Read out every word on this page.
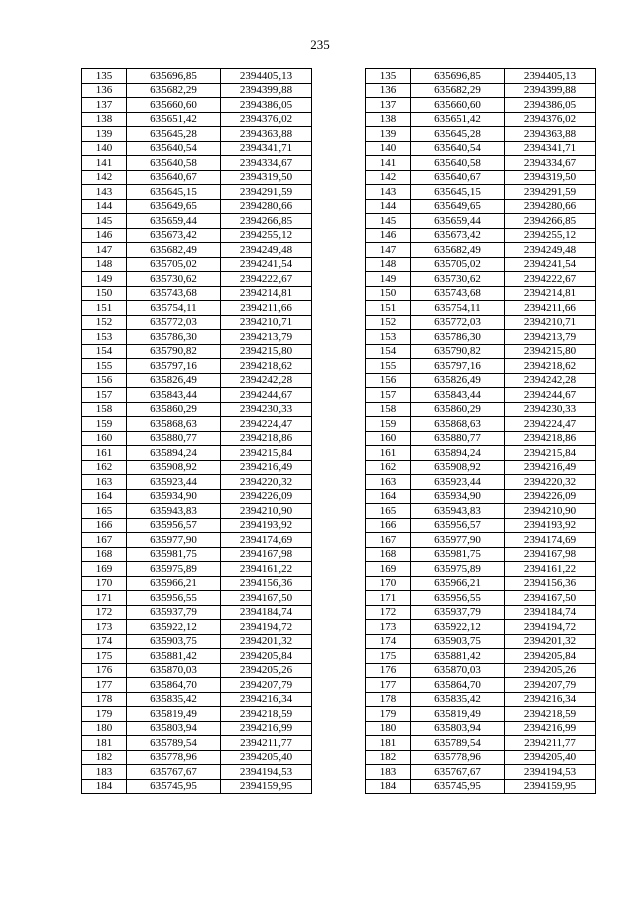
235
135	635696,85	2394405,13		135	635696,85	2394405,13
136	635682,29	2394399,88		136	635682,29	2394399,88
137	635660,60	2394386,05		137	635660,60	2394386,05
138	635651,42	2394376,02		138	635651,42	2394376,02
139	635645,28	2394363,88		139	635645,28	2394363,88
140	635640,54	2394341,71		140	635640,54	2394341,71
141	635640,58	2394334,67		141	635640,58	2394334,67
142	635640,67	2394319,50		142	635640,67	2394319,50
143	635645,15	2394291,59		143	635645,15	2394291,59
144	635649,65	2394280,66		144	635649,65	2394280,66
145	635659,44	2394266,85		145	635659,44	2394266,85
146	635673,42	2394255,12		146	635673,42	2394255,12
147	635682,49	2394249,48		147	635682,49	2394249,48
148	635705,02	2394241,54		148	635705,02	2394241,54
149	635730,62	2394222,67		149	635730,62	2394222,67
150	635743,68	2394214,81		150	635743,68	2394214,81
151	635754,11	2394211,66		151	635754,11	2394211,66
152	635772,03	2394210,71		152	635772,03	2394210,71
153	635786,30	2394213,79		153	635786,30	2394213,79
154	635790,82	2394215,80		154	635790,82	2394215,80
155	635797,16	2394218,62		155	635797,16	2394218,62
156	635826,49	2394242,28		156	635826,49	2394242,28
157	635843,44	2394244,67		157	635843,44	2394244,67
158	635860,29	2394230,33		158	635860,29	2394230,33
159	635868,63	2394224,47		159	635868,63	2394224,47
160	635880,77	2394218,86		160	635880,77	2394218,86
161	635894,24	2394215,84		161	635894,24	2394215,84
162	635908,92	2394216,49		162	635908,92	2394216,49
163	635923,44	2394220,32		163	635923,44	2394220,32
164	635934,90	2394226,09		164	635934,90	2394226,09
165	635943,83	2394210,90		165	635943,83	2394210,90
166	635956,57	2394193,92		166	635956,57	2394193,92
167	635977,90	2394174,69		167	635977,90	2394174,69
168	635981,75	2394167,98		168	635981,75	2394167,98
169	635975,89	2394161,22		169	635975,89	2394161,22
170	635966,21	2394156,36		170	635966,21	2394156,36
171	635956,55	2394167,50		171	635956,55	2394167,50
172	635937,79	2394184,74		172	635937,79	2394184,74
173	635922,12	2394194,72		173	635922,12	2394194,72
174	635903,75	2394201,32		174	635903,75	2394201,32
175	635881,42	2394205,84		175	635881,42	2394205,84
176	635870,03	2394205,26		176	635870,03	2394205,26
177	635864,70	2394207,79		177	635864,70	2394207,79
178	635835,42	2394216,34		178	635835,42	2394216,34
179	635819,49	2394218,59		179	635819,49	2394218,59
180	635803,94	2394216,99		180	635803,94	2394216,99
181	635789,54	2394211,77		181	635789,54	2394211,77
182	635778,96	2394205,40		182	635778,96	2394205,40
183	635767,67	2394194,53		183	635767,67	2394194,53
184	635745,95	2394159,95		184	635745,95	2394159,95
